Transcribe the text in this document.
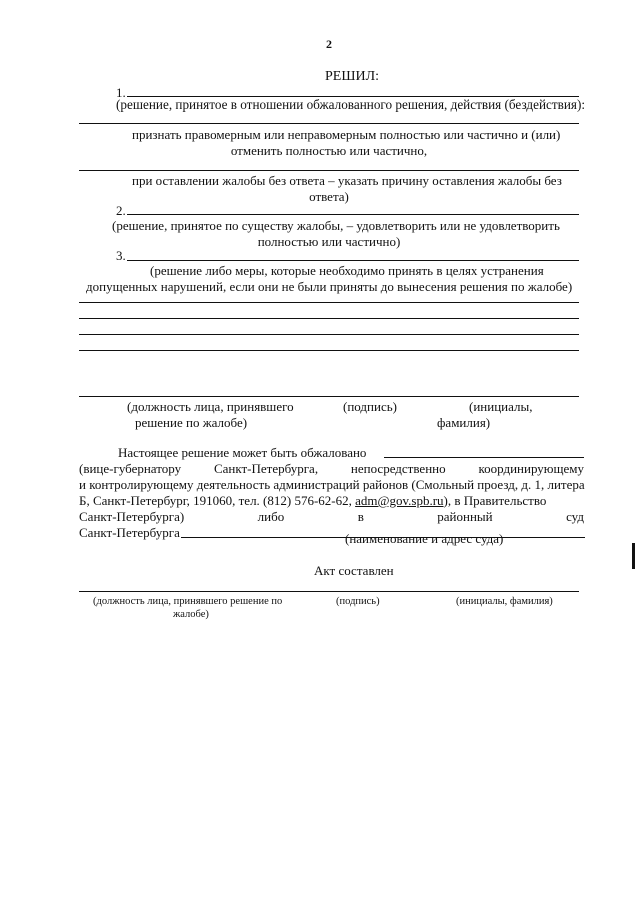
2
РЕШИЛ:
1.
(решение, принятое в отношении обжалованного решения, действия (бездействия):
признать правомерным или неправомерным полностью или частично и (или)
отменить полностью или частично,
при оставлении жалобы без ответа – указать причину оставления жалобы без
ответа)
2.
(решение, принятое по существу жалобы, – удовлетворить или не удовлетворить
полностью или частично)
3.
(решение либо меры, которые необходимо принять в целях устранения
допущенных нарушений, если они не были приняты до вынесения решения по жалобе)
(должность лица, принявшего
решение по жалобе)
(подпись)	(инициалы,
фамилия)
Настоящее решение может быть обжаловано
(вице-губернатору	Санкт-Петербурга,	непосредственно	координирующему
и контролирующему деятельность администраций районов (Смольный проезд, д. 1, литера
Б, Санкт-Петербург, 191060, тел. (812) 576-62-62, adm@gov.spb.ru), в Правительство
Санкт-Петербурга)	либо	в	районный	суд
Санкт-Петербурга	(наименование и адрес суда)
Акт составлен
(должность лица, принявшего решение по
жалобе)
(подпись)	(инициалы, фамилия)
